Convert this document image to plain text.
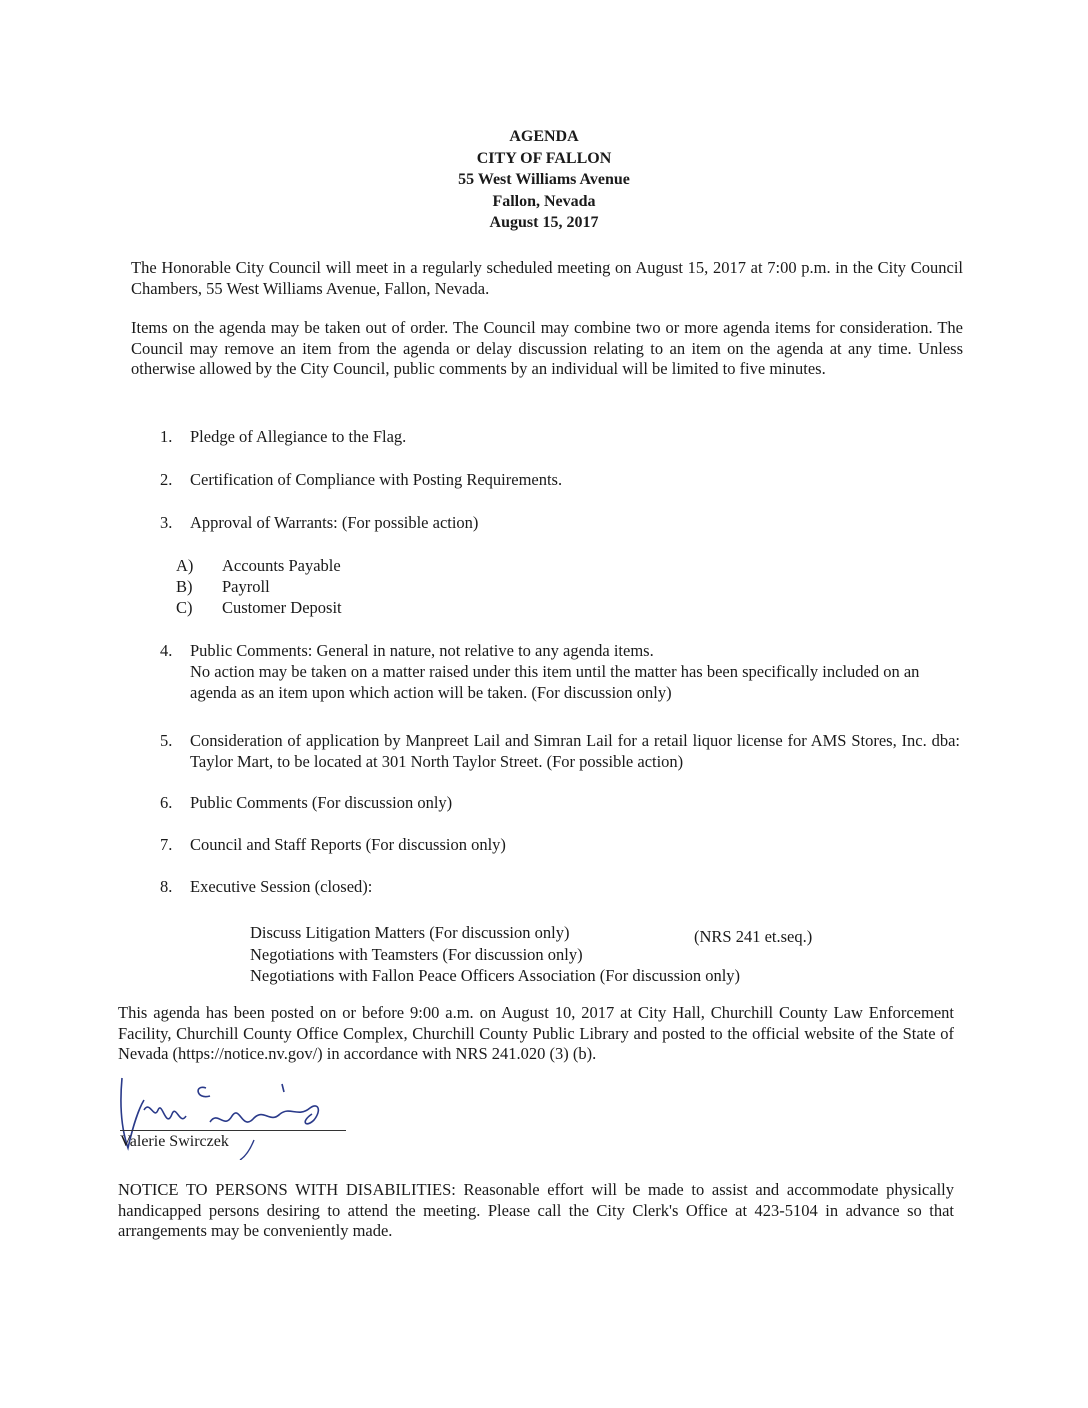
AGENDA
CITY OF FALLON
55 West Williams Avenue
Fallon, Nevada
August 15, 2017
The Honorable City Council will meet in a regularly scheduled meeting on August 15, 2017 at 7:00 p.m. in the City Council Chambers, 55 West Williams Avenue, Fallon, Nevada.
Items on the agenda may be taken out of order. The Council may combine two or more agenda items for consideration. The Council may remove an item from the agenda or delay discussion relating to an item on the agenda at any time. Unless otherwise allowed by the City Council, public comments by an individual will be limited to five minutes.
1.	Pledge of Allegiance to the Flag.
2.	Certification of Compliance with Posting Requirements.
3.	Approval of Warrants: (For possible action)
A) Accounts Payable
B) Payroll
C) Customer Deposit
4.	Public Comments: General in nature, not relative to any agenda items.
No action may be taken on a matter raised under this item until the matter has been specifically included on an agenda as an item upon which action will be taken. (For discussion only)
5.	Consideration of application by Manpreet Lail and Simran Lail for a retail liquor license for AMS Stores, Inc. dba: Taylor Mart, to be located at 301 North Taylor Street. (For possible action)
6.	Public Comments (For discussion only)
7.	Council and Staff Reports (For discussion only)
8.	Executive Session (closed):
Discuss Litigation Matters (For discussion only)	(NRS 241 et.seq.)
Negotiations with Teamsters (For discussion only)
Negotiations with Fallon Peace Officers Association (For discussion only)
This agenda has been posted on or before 9:00 a.m. on August 10, 2017 at City Hall, Churchill County Law Enforcement Facility, Churchill County Office Complex, Churchill County Public Library and posted to the official website of the State of Nevada (https://notice.nv.gov/) in accordance with NRS 241.020 (3) (b).
Valerie Swirczek
NOTICE TO PERSONS WITH DISABILITIES: Reasonable effort will be made to assist and accommodate physically handicapped persons desiring to attend the meeting. Please call the City Clerk's Office at 423-5104 in advance so that arrangements may be conveniently made.
